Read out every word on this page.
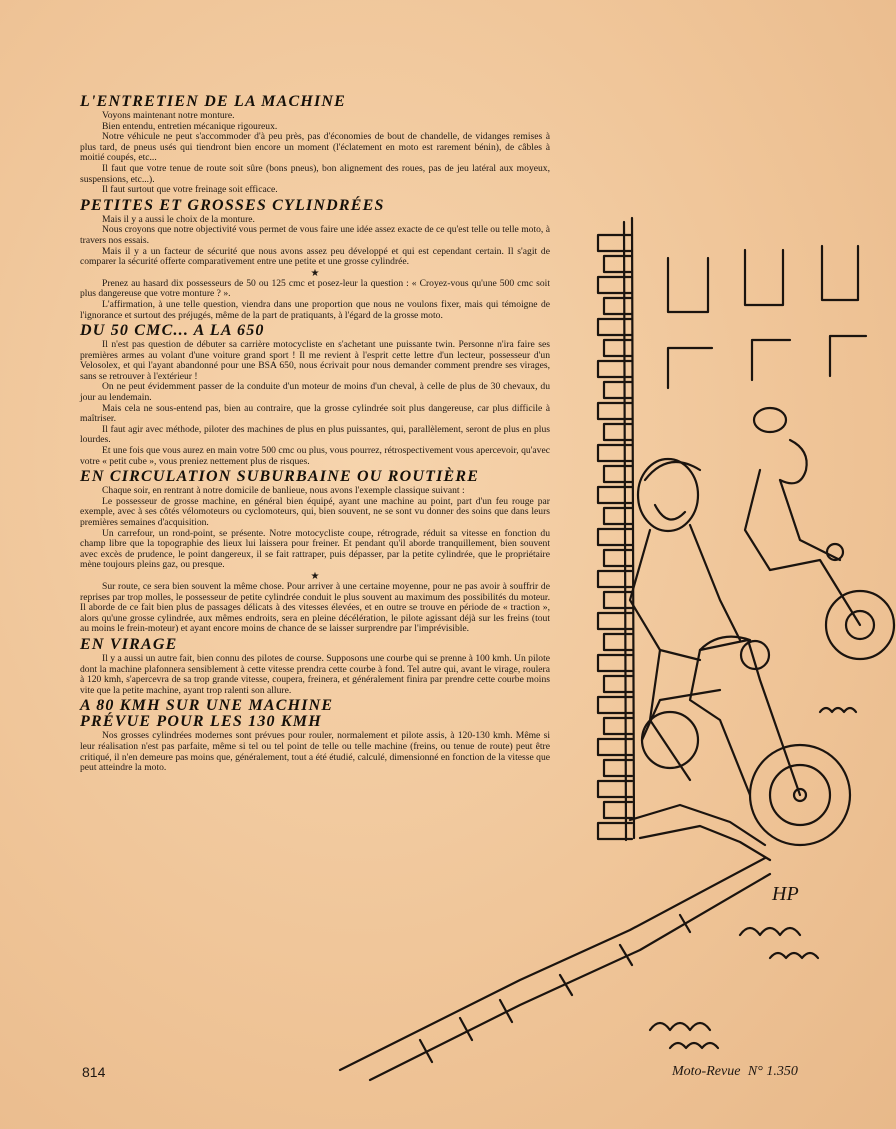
L'ENTRETIEN DE LA MACHINE

Voyons maintenant notre monture.

Bien entendu, entretien mécanique rigoureux.

Notre véhicule ne peut s'accommoder d'à peu près, pas d'économies de bout de chandelle, de vidanges remises à plus tard, de pneus usés qui tiendront bien encore un moment (l'éclatement en moto est rarement bénin), de câbles à moitié coupés, etc...

Il faut que votre tenue de route soit sûre (bons pneus), bon alignement des roues, pas de jeu latéral aux moyeux, suspensions, etc...).

Il faut surtout que votre freinage soit efficace.

PETITES ET GROSSES CYLINDRÉES

Mais il y a aussi le choix de la monture.

Nous croyons que notre objectivité vous permet de vous faire une idée assez exacte de ce qu'est telle ou telle moto, à travers nos essais.

Mais il y a un facteur de sécurité que nous avons assez peu développé et qui est cependant certain. Il s'agit de comparer la sécurité offerte comparativement entre une petite et une grosse cylindrée.

★

Prenez au hasard dix possesseurs de 50 ou 125 cmc et posez-leur la question : « Croyez-vous qu'une 500 cmc soit plus dangereuse que votre monture ? ».

L'affirmation, à une telle question, viendra dans une proportion que nous ne voulons fixer, mais qui témoigne de l'ignorance et surtout des préjugés, même de la part de pratiquants, à l'égard de la grosse moto.

DU 50 CMC... A LA 650

Il n'est pas question de débuter sa carrière motocycliste en s'achetant une puissante twin. Personne n'ira faire ses premières armes au volant d'une voiture grand sport ! Il me revient à l'esprit cette lettre d'un lecteur, possesseur d'un Velosolex, et qui l'ayant abandonné pour une BSA 650, nous écrivait pour nous demander comment prendre ses virages, sans se retrouver à l'extérieur !

On ne peut évidemment passer de la conduite d'un moteur de moins d'un cheval, à celle de plus de 30 chevaux, du jour au lendemain.

Mais cela ne sous-entend pas, bien au contraire, que la grosse cylindrée soit plus dangereuse, car plus difficile à maîtriser.

Il faut agir avec méthode, piloter des machines de plus en plus puissantes, qui, parallèlement, seront de plus en plus lourdes.

Et une fois que vous aurez en main votre 500 cmc ou plus, vous pourrez, rétrospectivement vous apercevoir, qu'avec votre « petit cube », vous preniez nettement plus de risques.

EN CIRCULATION SUBURBAINE OU ROUTIÈRE

Chaque soir, en rentrant à notre domicile de banlieue, nous avons l'exemple classique suivant :

Le possesseur de grosse machine, en général bien équipé, ayant une machine au point, part d'un feu rouge par exemple, avec à ses côtés vélomoteurs ou cyclomoteurs, qui, bien souvent, ne se sont vu donner des soins que dans leurs premières semaines d'acquisition.

Un carrefour, un rond-point, se présente. Notre motocycliste coupe, rétrograde, réduit sa vitesse en fonction du champ libre que la topographie des lieux lui laissera pour freiner. Et pendant qu'il aborde tranquillement, bien souvent avec excès de prudence, le point dangereux, il se fait rattraper, puis dépasser, par la petite cylindrée, que le propriétaire mène toujours pleins gaz, ou presque.

★

Sur route, ce sera bien souvent la même chose. Pour arriver à une certaine moyenne, pour ne pas avoir à souffrir de reprises par trop molles, le possesseur de petite cylindrée conduit le plus souvent au maximum des possibilités du moteur. Il aborde de ce fait bien plus de passages délicats à des vitesses élevées, et en outre se trouve en période de « traction », alors qu'une grosse cylindrée, aux mêmes endroits, sera en pleine décélération, le pilote agissant déjà sur les freins (tout au moins le frein-moteur) et ayant encore moins de chance de se laisser surprendre par l'imprévisible.

EN VIRAGE

Il y a aussi un autre fait, bien connu des pilotes de course. Supposons une courbe qui se prenne à 100 kmh. Un pilote dont la machine plafonnera sensiblement à cette vitesse prendra cette courbe à fond. Tel autre qui, avant le virage, roulera à 120 kmh, s'apercevra de sa trop grande vitesse, coupera, freinera, et généralement finira par prendre cette courbe moins vite que la petite machine, ayant trop ralenti son allure.

A 80 KMH SUR UNE MACHINE
PRÉVUE POUR LES 130 KMH

Nos grosses cylindrées modernes sont prévues pour rouler, normalement et pilote assis, à 120-130 kmh. Même si leur réalisation n'est pas parfaite, même si tel ou tel point de telle ou telle machine (freins, ou tenue de route) peut être critiqué, il n'en demeure pas moins que, généralement, tout a été étudié, calculé, dimensionné en fonction de la vitesse que peut atteindre la moto.

HP
814	Moto-Revue N° 1.350
